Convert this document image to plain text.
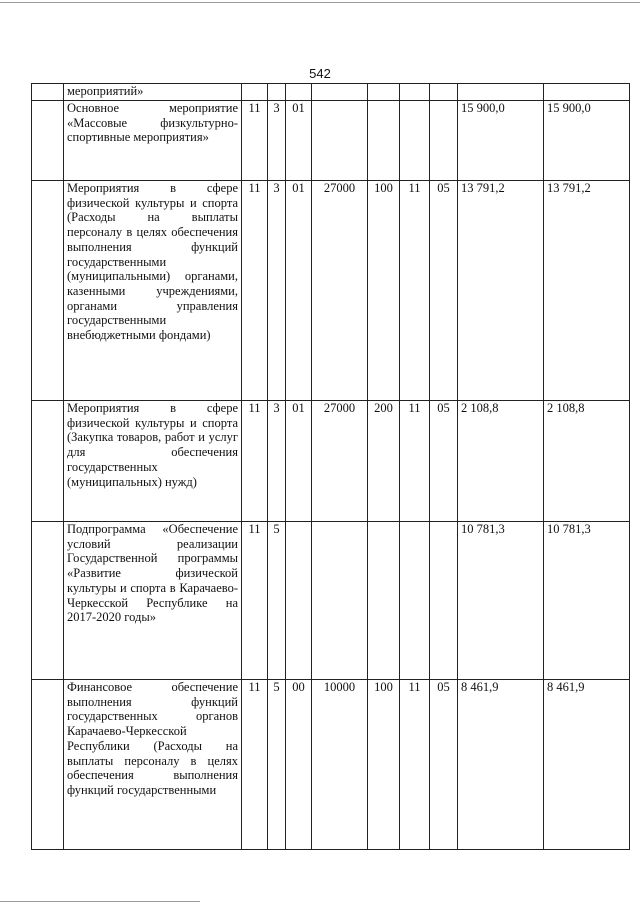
542

	мероприятий»									

	Основное мероприятие «Массовые физкультурно-спортивные мероприятия»	11	3	01					15 900,0	15 900,0

	Мероприятия в сфере физической культуры и спорта (Расходы на выплаты персоналу в целях обеспечения выполнения функций государственными (муниципальными) органами, казенными учреждениями, органами управления государственными внебюджетными фондами)	11	3	01	27000	100	11	05	13 791,2	13 791,2

	Мероприятия в сфере физической культуры и спорта (Закупка товаров, работ и услуг для обеспечения государственных (муниципальных) нужд)	11	3	01	27000	200	11	05	2 108,8	2 108,8

	Подпрограмма «Обеспечение условий реализации Государственной программы «Развитие физической культуры и спорта в Карачаево-Черкесской Республике на 2017-2020 годы»	11	5						10 781,3	10 781,3

	Финансовое обеспечение выполнения функций государственных органов Карачаево-Черкесской Республики (Расходы на выплаты персоналу в целях обеспечения выполнения функций государственными	11	5	00	10000	100	11	05	8 461,9	8 461,9
